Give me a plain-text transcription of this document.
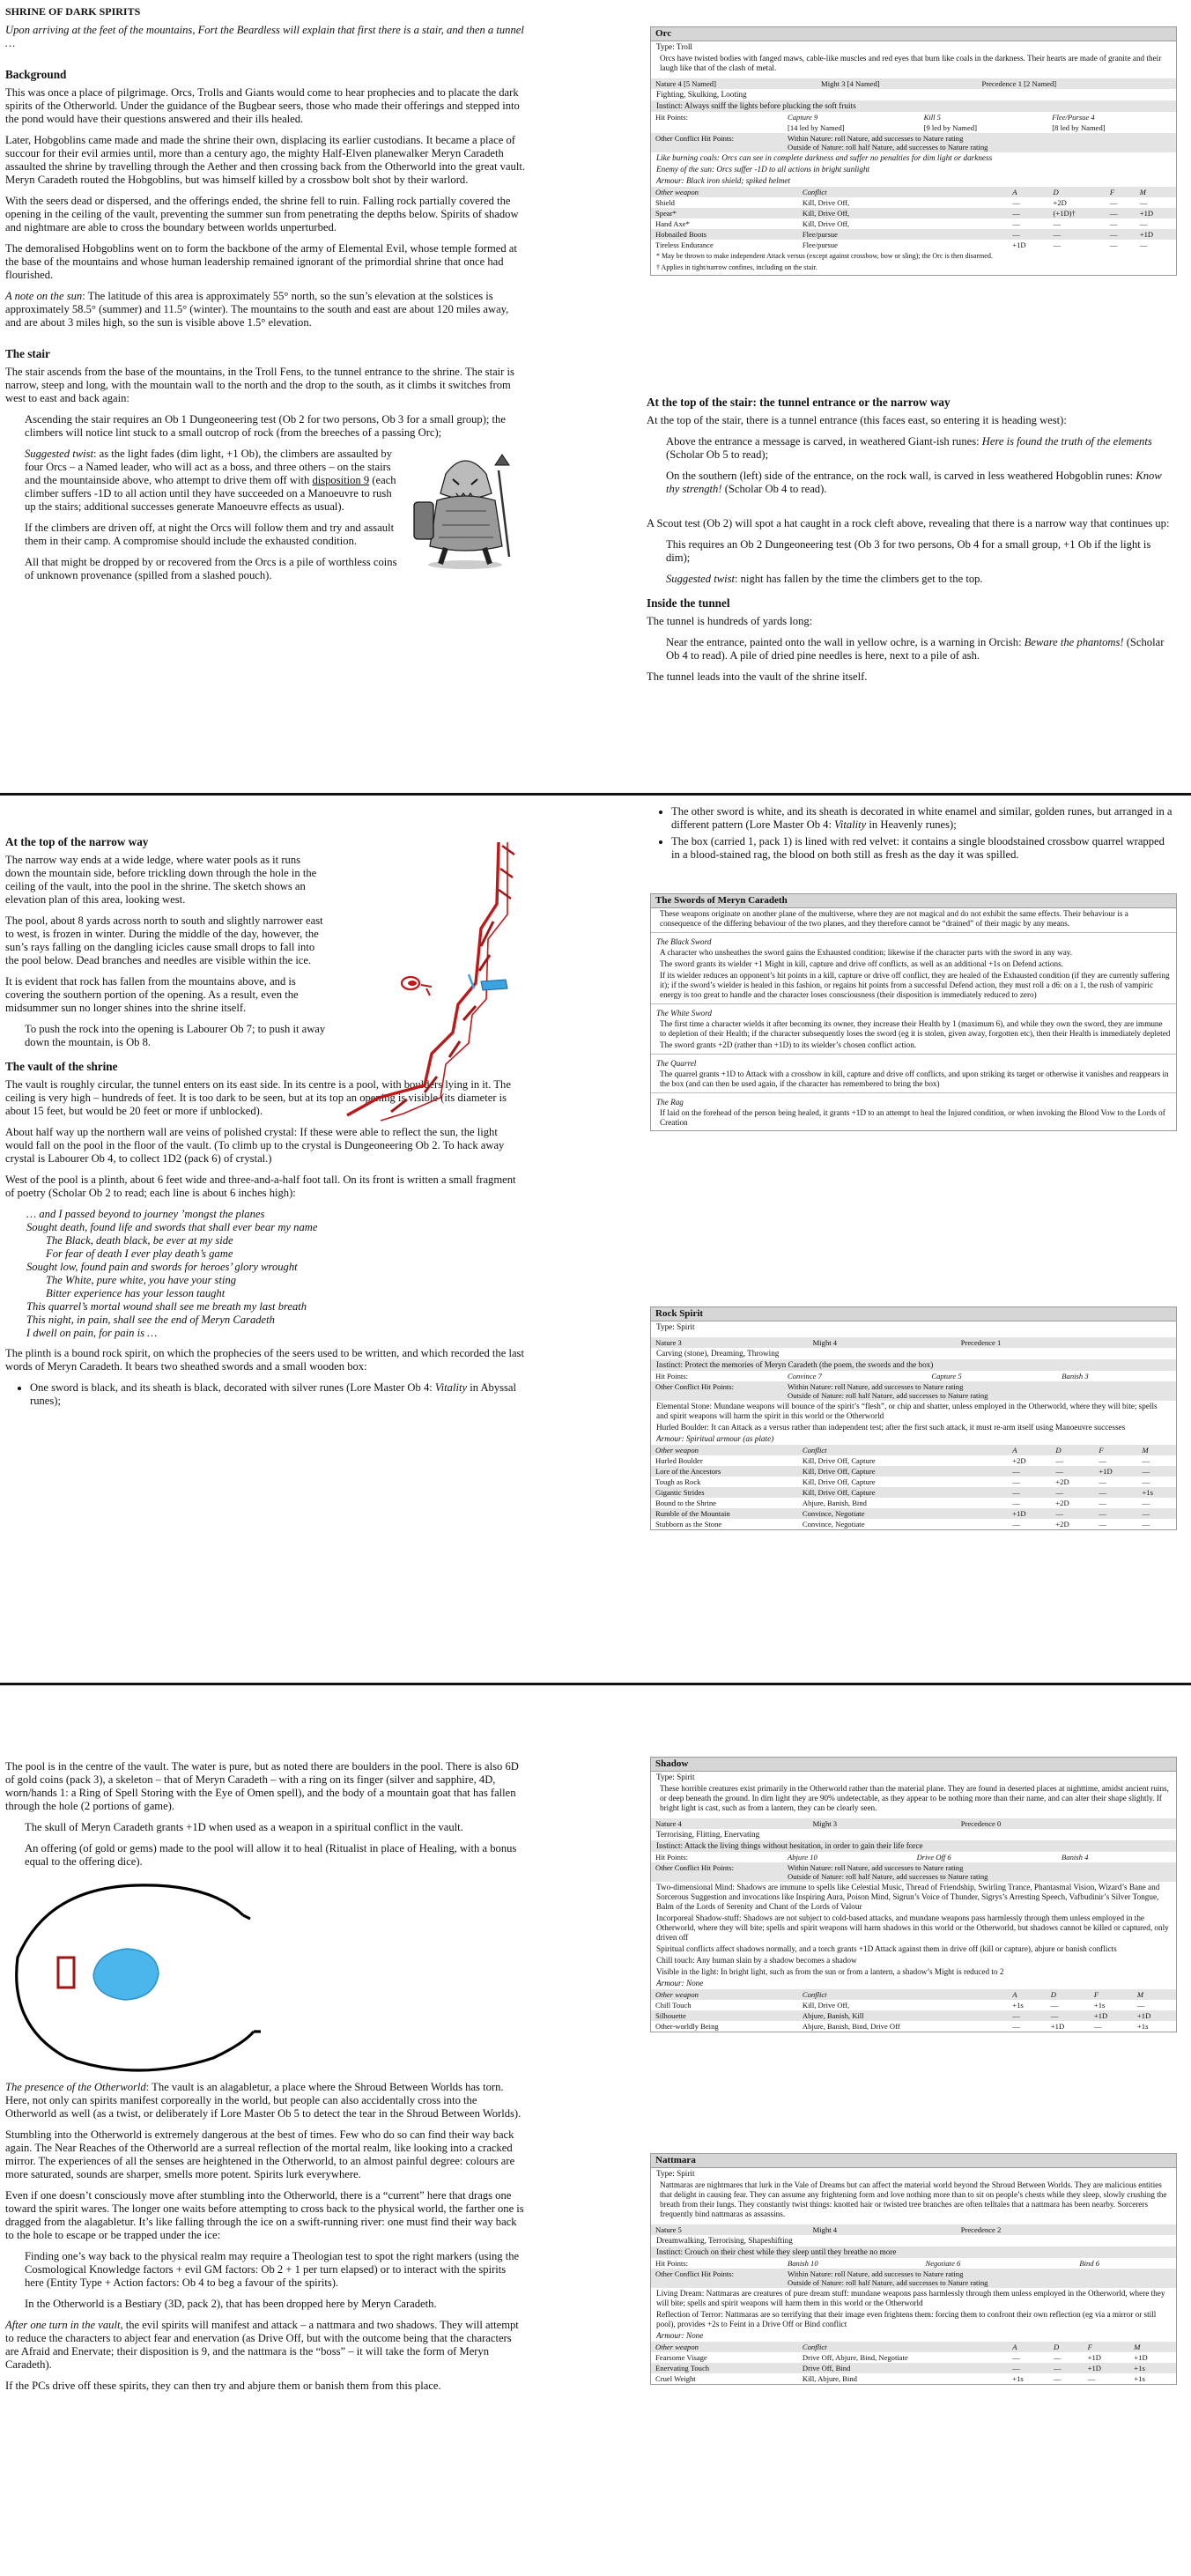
SHRINE OF DARK SPIRITS

Upon arriving at the feet of the mountains, Fort the Beardless will explain that first there is a stair, and then a tunnel …

Background

This was once a place of pilgrimage. Orcs, Trolls and Giants would come to hear prophecies and to placate the dark spirits of the Otherworld. Under the guidance of the Bugbear seers, those who made their offerings and stepped into the pond would have their questions answered and their ills healed.

Later, Hobgoblins came made and made the shrine their own, displacing its earlier custodians. It became a place of succour for their evil armies until, more than a century ago, the mighty Half-Elven planewalker Meryn Caradeth assaulted the shrine by travelling through the Aether and then crossing back from the Otherworld into the great vault. Meryn Caradeth routed the Hobgoblins, but was himself killed by a crossbow bolt shot by their warlord.

With the seers dead or dispersed, and the offerings ended, the shrine fell to ruin. Falling rock partially covered the opening in the ceiling of the vault, preventing the summer sun from penetrating the depths below. Spirits of shadow and nightmare are able to cross the boundary between worlds unperturbed.

The demoralised Hobgoblins went on to form the backbone of the army of Elemental Evil, whose temple formed at the base of the mountains and whose human leadership remained ignorant of the primordial shrine that once had flourished.

A note on the sun: The latitude of this area is approximately 55° north, so the sun’s elevation at the solstices is approximately 58.5° (summer) and 11.5° (winter). The mountains to the south and east are about 120 miles away, and are about 3 miles high, so the sun is visible above 1.5° elevation.

The stair

The stair ascends from the base of the mountains, in the Troll Fens, to the tunnel entrance to the shrine. The stair is narrow, steep and long, with the mountain wall to the north and the drop to the south, as it climbs it switches from west to east and back again:

Ascending the stair requires an Ob 1 Dungeoneering test (Ob 2 for two persons, Ob 3 for a small group); the climbers will notice lint stuck to a small outcrop of rock (from the breeches of a passing Orc);

Suggested twist: as the light fades (dim light, +1 Ob), the climbers are assaulted by four Orcs – a Named leader, who will act as a boss, and three others – on the stairs and the mountainside above, who attempt to drive them off with disposition 9 (each climber suffers -1D to all action until they have succeeded on a Manoeuvre to rush up the stairs; additional successes generate Manoeuvre effects as usual).

If the climbers are driven off, at night the Orcs will follow them and try and assault them in their camp. A compromise should include the exhausted condition.

All that might be dropped by or recovered from the Orcs is a pile of worthless coins of unknown provenance (spilled from a slashed pouch).

Orc
Type: Troll
Orcs have twisted bodies with fanged maws, cable-like muscles and red eyes that burn like coals in the darkness. Their hearts are made of granite and their laugh like that of the clash of metal.
Nature 4 [5 Named]	Might 3 [4 Named]	Precedence 1 [2 Named]
Fighting, Skulking, Looting
Instinct: Always sniff the lights before plucking the soft fruits
Hit Points:	Capture 9	Kill 5	Flee/Pursue 4
	[14 led by Named]	[9 led by Named]	[8 led by Named]
Other Conflict Hit Points:	Within Nature: roll Nature, add successes to Nature rating
Outside of Nature: roll half Nature, add successes to Nature rating
Like burning coals: Orcs can see in complete darkness and suffer no penalties for dim light or darkness
Enemy of the sun: Orcs suffer -1D to all actions in bright sunlight
Armour: Black iron shield; spiked helmet
Other weapon	Conflict	A	D	F	M
Shield	Kill, Drive Off,	—	+2D	—	—
Spear*	Kill, Drive Off,	—	(+1D)†	—	+1D
Hand Axe*	Kill, Drive Off,	—	—	—	—
Hobnailed Boots	Flee/pursue	—	—	—	+1D
Tireless Endurance	Flee/pursue	+1D	—	—	—
* May be thrown to make independent Attack versus (except against crossbow, bow or sling); the Orc is then disarmed.
† Applies in tight/narrow confines, including on the stair.
At the top of the stair: the tunnel entrance or the narrow way

At the top of the stair, there is a tunnel entrance (this faces east, so entering it is heading west):

Above the entrance a message is carved, in weathered Giant-ish runes: Here is found the truth of the elements (Scholar Ob 5 to read);

On the southern (left) side of the entrance, on the rock wall, is carved in less weathered Hobgoblin runes: Know thy strength! (Scholar Ob 4 to read).

A Scout test (Ob 2) will spot a hat caught in a rock cleft above, revealing that there is a narrow way that continues up:

This requires an Ob 2 Dungeoneering test (Ob 3 for two persons, Ob 4 for a small group, +1 Ob if the light is dim);

Suggested twist: night has fallen by the time the climbers get to the top.

Inside the tunnel

The tunnel is hundreds of yards long:

Near the entrance, painted onto the wall in yellow ochre, is a warning in Orcish: Beware the phantoms! (Scholar Ob 4 to read). A pile of dried pine needles is here, next to a pile of ash.

The tunnel leads into the vault of the shrine itself.

At the top of the narrow way

The narrow way ends at a wide ledge, where water pools as it runs down the mountain side, before trickling down through the hole in the ceiling of the vault, into the pool in the shrine. The sketch shows an elevation plan of this area, looking west.

The pool, about 8 yards across north to south and slightly narrower east to west, is frozen in winter. During the middle of the day, however, the sun’s rays falling on the dangling icicles cause small drops to fall into the pool below. Dead branches and needles are visible within the ice.

It is evident that rock has fallen from the mountains above, and is covering the southern portion of the opening. As a result, even the midsummer sun no longer shines into the shrine itself.

To push the rock into the opening is Labourer Ob 7; to push it away down the mountain, is Ob 8.

The vault of the shrine

The vault is roughly circular, the tunnel enters on its east side. In its centre is a pool, with boulders lying in it. The ceiling is very high – hundreds of feet. It is too dark to be seen, but at its top an opening is visible (its diameter is about 15 feet, but would be 20 feet or more if unblocked).

About half way up the northern wall are veins of polished crystal: If these were able to reflect the sun, the light would fall on the pool in the floor of the vault. (To climb up to the crystal is Dungeoneering Ob 2. To hack away crystal is Labourer Ob 4, to collect 1D2 (pack 6) of crystal.)

West of the pool is a plinth, about 6 feet wide and three-and-a-half foot tall. On its front is written a small fragment of poetry (Scholar Ob 2 to read; each line is about 6 inches high):

… and I passed beyond to journey ’mongst the planes
Sought death, found life and swords that shall ever bear my name
The Black, death black, be ever at my side
For fear of death I ever play death’s game
Sought low, found pain and swords for heroes’ glory wrought
The White, pure white, you have your sting
Bitter experience has your lesson taught
This quarrel’s mortal wound shall see me breath my last breath
This night, in pain, shall see the end of Meryn Caradeth
I dwell on pain, for pain is …

The plinth is a bound rock spirit, on which the prophecies of the seers used to be written, and which recorded the last words of Meryn Caradeth. It bears two sheathed swords and a small wooden box:

• One sword is black, and its sheath is black, decorated with silver runes (Lore Master Ob 4: Vitality in Abyssal runes);
• The other sword is white, and its sheath is decorated in white enamel and similar, golden runes, but arranged in a different pattern (Lore Master Ob 4: Vitality in Heavenly runes);
• The box (carried 1, pack 1) is lined with red velvet: it contains a single bloodstained crossbow quarrel wrapped in a blood-stained rag, the blood on both still as fresh as the day it was spilled.
The Swords of Meryn Caradeth
These weapons originate on another plane of the multiverse, where they are not magical and do not exhibit the same effects. Their behaviour is a consequence of the differing behaviour of the two planes, and they therefore cannot be “drained” of their magic by any means.
The Black Sword
A character who unsheathes the sword gains the Exhausted condition; likewise if the character parts with the sword in any way.
The sword grants its wielder +1 Might in kill, capture and drive off conflicts, as well as an additional +1s on Defend actions.
If its wielder reduces an opponent’s hit points in a kill, capture or drive off conflict, they are healed of the Exhausted condition (if they are currently suffering it); if the sword’s wielder is healed in this fashion, or regains hit points from a successful Defend action, they must roll a d6: on a 1, the rush of vampiric energy is too great to handle and the character loses consciousness (their disposition is immediately reduced to zero)
The White Sword
The first time a character wields it after becoming its owner, they increase their Health by 1 (maximum 6), and while they own the sword, they are immune to depletion of their Health; if the character subsequently loses the sword (eg it is stolen, given away, forgotten etc), then their Health is immediately depleted
The sword grants +2D (rather than +1D) to its wielder’s chosen conflict action.
The Quarrel
The quarrel grants +1D to Attack with a crossbow in kill, capture and drive off conflicts, and upon striking its target or otherwise it vanishes and reappears in the box (and can then be used again, if the character has remembered to bring the box)
The Rag
If laid on the forehead of the person being healed, it grants +1D to an attempt to heal the Injured condition, or when invoking the Blood Vow to the Lords of Creation
Rock Spirit
Type: Spirit
Nature 3	Might 4	Precedence 1
Carving (stone), Dreaming, Throwing
Instinct: Protect the memories of Meryn Caradeth (the poem, the swords and the box)
Hit Points:	Convince 7	Capture 5	Banish 3
Other Conflict Hit Points:	Within Nature: roll Nature, add successes to Nature rating
Outside of Nature: roll half Nature, add successes to Nature rating
Elemental Stone: Mundane weapons will bounce of the spirit’s “flesh”, or chip and shatter, unless employed in the Otherworld, where they will bite; spells and spirit weapons will harm the spirit in this world or the Otherworld
Hurled Boulder: It can Attack as a versus rather than independent test; after the first such attack, it must re-arm itself using Manoeuvre successes
Armour: Spiritual armour (as plate)
Other weapon	Conflict	A	D	F	M
Hurled Boulder	Kill, Drive Off, Capture	+2D	—	—	—
Lore of the Ancestors	Kill, Drive Off, Capture	—	—	+1D	—
Tough as Rock	Kill, Drive Off, Capture	—	+2D	—	—
Gigantic Strides	Kill, Drive Off, Capture	—	—	—	+1s
Bound to the Shrine	Abjure, Banish, Bind	—	+2D	—	—
Rumble of the Mountain	Convince, Negotiate	+1D	—	—	—
Stubborn as the Stone	Convince, Negotiate	—	+2D	—	—

The pool is in the centre of the vault. The water is pure, but as noted there are boulders in the pool. There is also 6D of gold coins (pack 3), a skeleton – that of Meryn Caradeth – with a ring on its finger (silver and sapphire, 4D, worn/hands 1: a Ring of Spell Storing with the Eye of Omen spell), and the body of a mountain goat that has fallen through the hole (2 portions of game).

The skull of Meryn Caradeth grants +1D when used as a weapon in a spiritual conflict in the vault.

An offering (of gold or gems) made to the pool will allow it to heal (Ritualist in place of Healing, with a bonus equal to the offering dice).

The presence of the Otherworld: The vault is an alagabletur, a place where the Shroud Between Worlds has torn. Here, not only can spirits manifest corporeally in the world, but people can also accidentally cross into the Otherworld as well (as a twist, or deliberately if Lore Master Ob 5 to detect the tear in the Shroud Between Worlds).

Stumbling into the Otherworld is extremely dangerous at the best of times. Few who do so can find their way back again. The Near Reaches of the Otherworld are a surreal reflection of the mortal realm, like looking into a cracked mirror. The experiences of all the senses are heightened in the Otherworld, to an almost painful degree: colours are more saturated, sounds are sharper, smells more potent. Spirits lurk everywhere.

Even if one doesn’t consciously move after stumbling into the Otherworld, there is a “current” here that drags one toward the spirit wares. The longer one waits before attempting to cross back to the physical world, the farther one is dragged from the alagabletur. It’s like falling through the ice on a swift-running river: one must find their way back to the hole to escape or be trapped under the ice:

Finding one’s way back to the physical realm may require a Theologian test to spot the right markers (using the Cosmological Knowledge factors + evil GM factors: Ob 2 + 1 per turn elapsed) or to interact with the spirits here (Entity Type + Action factors: Ob 4 to beg a favour of the spirits).

In the Otherworld is a Bestiary (3D, pack 2), that has been dropped here by Meryn Caradeth.

After one turn in the vault, the evil spirits will manifest and attack – a nattmara and two shadows. They will attempt to reduce the characters to abject fear and enervation (as Drive Off, but with the outcome being that the characters are Afraid and Enervate; their disposition is 9, and the nattmara is the “boss” – it will take the form of Meryn Caradeth).

If the PCs drive off these spirits, they can then try and abjure them or banish them from this place.

Shadow
Type: Spirit
These horrible creatures exist primarily in the Otherworld rather than the material plane. They are found in deserted places at nighttime, amidst ancient ruins, or deep beneath the ground. In dim light they are 90% undetectable, as they appear to be nothing more than their name, and can alter their shape slightly. If bright light is cast, such as from a lantern, they can be clearly seen.
Nature 4	Might 3	Precedence 0
Terrorising, Flitting, Enervating
Instinct: Attack the living things without hesitation, in order to gain their life force
Hit Points:	Abjure 10	Drive Off 6	Banish 4
Other Conflict Hit Points:	Within Nature: roll Nature, add successes to Nature rating
Outside of Nature: roll half Nature, add successes to Nature rating
Two-dimensional Mind: Shadows are immune to spells like Celestial Music, Thread of Friendship, Swirling Trance, Phantasmal Vision, Wizard’s Bane and Sorcerous Suggestion and invocations like Inspiring Aura, Poison Mind, Sigrun’s Voice of Thunder, Sigrys’s Arresting Speech, Vafbudinir’s Silver Tongue, Balm of the Lords of Serenity and Chant of the Lords of Valour
Incorporeal Shadow-stuff: Shadows are not subject to cold-based attacks, and mundane weapons pass harmlessly through them unless employed in the Otherworld, where they will bite; spells and spirit weapons will harm shadows in this world or the Otherworld, but shadows cannot be killed or captured, only driven off
Spiritual conflicts affect shadows normally, and a torch grants +1D Attack against them in drive off (kill or capture), abjure or banish conflicts
Chill touch: Any human slain by a shadow becomes a shadow
Visible in the light: In bright light, such as from the sun or from a lantern, a shadow’s Might is reduced to 2
Armour: None
Other weapon	Conflict	A	D	F	M
Chill Touch	Kill, Drive Off,	+1s	—	+1s	—
Silhouette	Abjure, Banish, Kill	—	—	+1D	+1D
Other-worldly Being	Abjure, Banish, Bind, Drive Off	—	+1D	—	+1s
Nattmara
Type: Spirit
Nattmaras are nightmares that lurk in the Vale of Dreams but can affect the material world beyond the Shroud Between Worlds. They are malicious entities that delight in causing fear. They can assume any frightening form and love nothing more than to sit on people’s chests while they sleep, slowly crushing the breath from their lungs. They constantly twist things: knotted hair or twisted tree branches are often telltales that a nattmara has been nearby. Sorcerers frequently bind nattmaras as assassins.
Nature 5	Might 4	Precedence 2
Dreamwalking, Terrorising, Shapeshifting
Instinct: Crouch on their chest while they sleep until they breathe no more
Hit Points:	Banish 10	Negotiate 6	Bind 6
Other Conflict Hit Points:	Within Nature: roll Nature, add successes to Nature rating
Outside of Nature: roll half Nature, add successes to Nature rating
Living Dream: Nattmaras are creatures of pure dream stuff: mundane weapons pass harmlessly through them unless employed in the Otherworld, where they will bite; spells and spirit weapons will harm them in this world or the Otherworld
Reflection of Terror: Nattmaras are so terrifying that their image even frightens them: forcing them to confront their own reflection (eg via a mirror or still pool), provides +2s to Feint in a Drive Off or Bind conflict
Armour: None
Other weapon	Conflict	A	D	F	M
Fearsome Visage	Drive Off, Abjure, Bind, Negotiate	—	—	+1D	+1D
Enervating Touch	Drive Off, Bind	—	—	+1D	+1s
Cruel Weight	Kill, Abjure, Bind	+1s	—	—	+1s
